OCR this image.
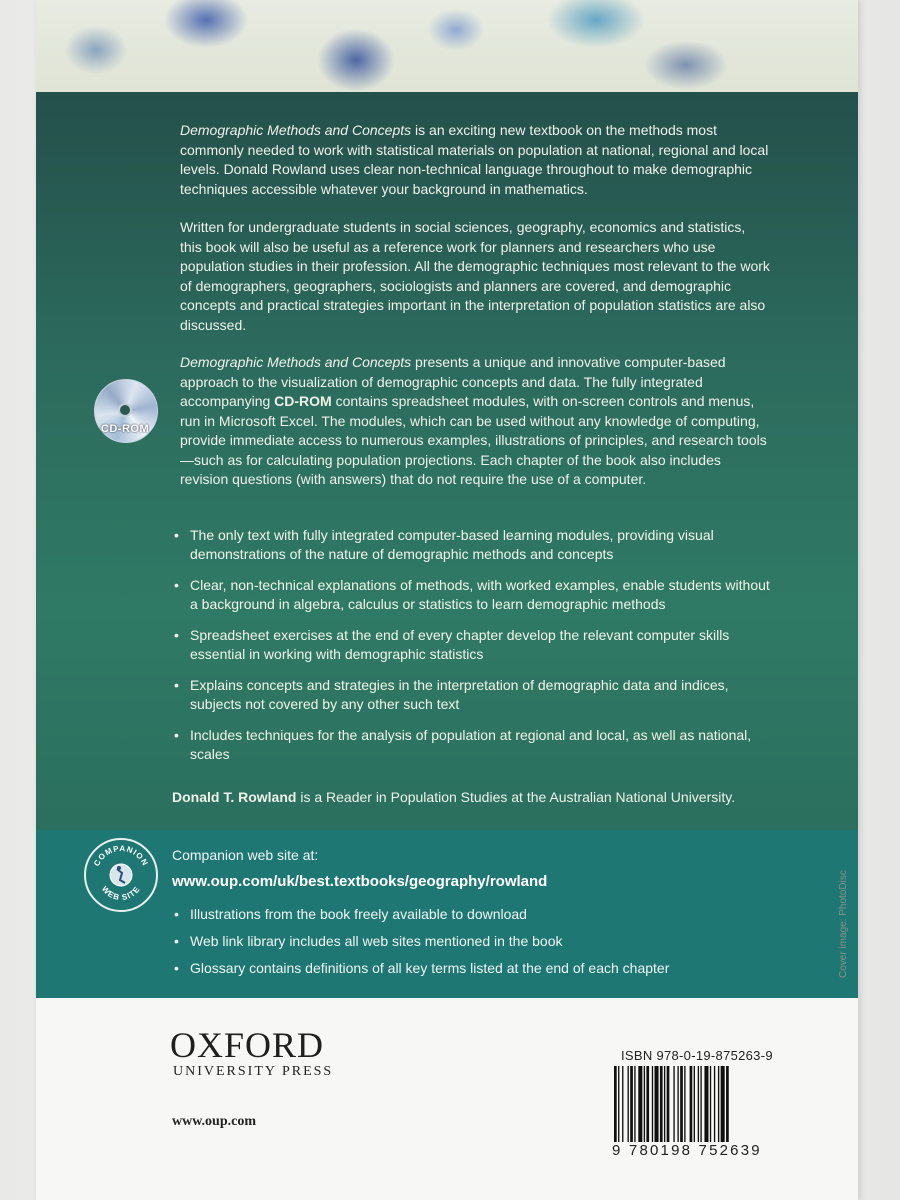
Demographic Methods and Concepts is an exciting new textbook on the methods most commonly needed to work with statistical materials on population at national, regional and local levels. Donald Rowland uses clear non-technical language throughout to make demographic techniques accessible whatever your background in mathematics.

Written for undergraduate students in social sciences, geography, economics and statistics, this book will also be useful as a reference work for planners and researchers who use population studies in their profession. All the demographic techniques most relevant to the work of demographers, geographers, sociologists and planners are covered, and demographic concepts and practical strategies important in the interpretation of population statistics are also discussed.

Demographic Methods and Concepts presents a unique and innovative computer-based approach to the visualization of demographic concepts and data. The fully integrated accompanying CD-ROM contains spreadsheet modules, with on-screen controls and menus, run in Microsoft Excel. The modules, which can be used without any knowledge of computing, provide immediate access to numerous examples, illustrations of principles, and research tools—such as for calculating population projections. Each chapter of the book also includes revision questions (with answers) that do not require the use of a computer.

CD-ROM
• The only text with fully integrated computer-based learning modules, providing visual demonstrations of the nature of demographic methods and concepts
• Clear, non-technical explanations of methods, with worked examples, enable students without a background in algebra, calculus or statistics to learn demographic methods
• Spreadsheet exercises at the end of every chapter develop the relevant computer skills essential in working with demographic statistics
• Explains concepts and strategies in the interpretation of demographic data and indices, subjects not covered by any other such text
• Includes techniques for the analysis of population at regional and local, as well as national, scales
Donald T. Rowland is a Reader in Population Studies at the Australian National University.
COMPANION
WEB SITE
Companion web site at:
www.oup.com/uk/best.textbooks/geography/rowland
• Illustrations from the book freely available to download
• Web link library includes all web sites mentioned in the book
• Glossary contains definitions of all key terms listed at the end of each chapter	Cover image: PhotoDisc
OXFORD
UNIVERSITY PRESS
www.oup.com
ISBN 978-0-19-875263-9
9 780198 752639
